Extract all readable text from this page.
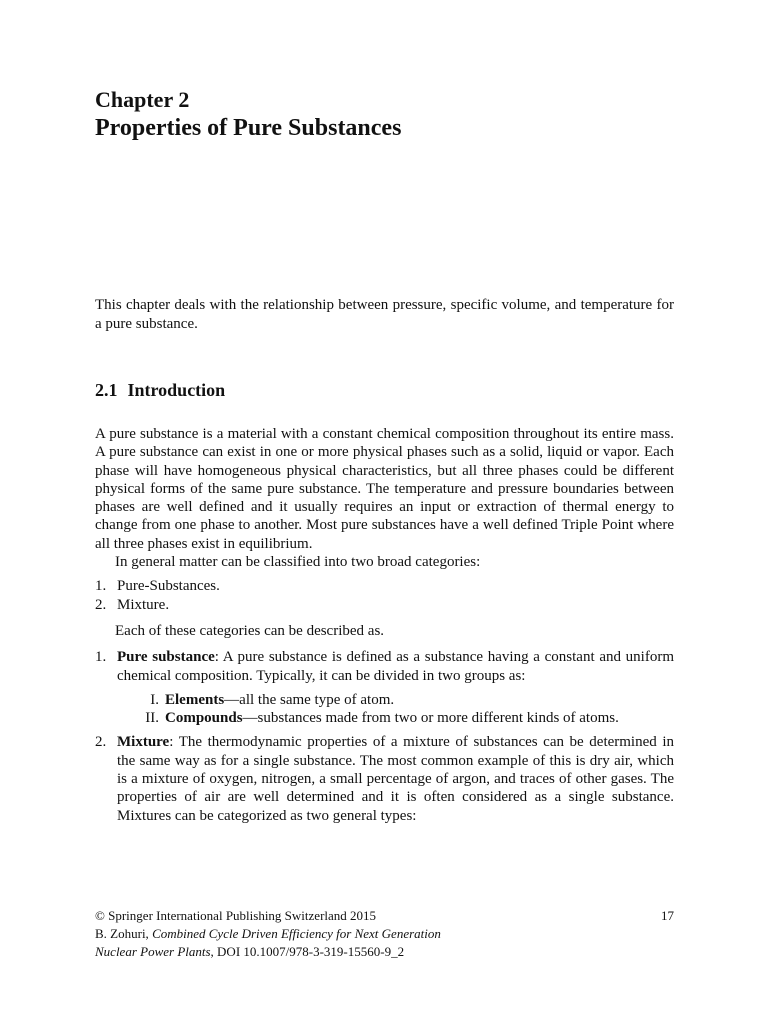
Chapter 2
Properties of Pure Substances

This chapter deals with the relationship between pressure, specific volume, and temperature for a pure substance.

2.1 Introduction

A pure substance is a material with a constant chemical composition throughout its entire mass. A pure substance can exist in one or more physical phases such as a solid, liquid or vapor. Each phase will have homogeneous physical characteristics, but all three phases could be different physical forms of the same pure substance. The temperature and pressure boundaries between phases are well defined and it usually requires an input or extraction of thermal energy to change from one phase to another. Most pure substances have a well defined Triple Point where all three phases exist in equilibrium.

In general matter can be classified into two broad categories:

1. Pure-Substances.
2. Mixture.

Each of these categories can be described as.

1. Pure substance: A pure substance is defined as a substance having a constant and uniform chemical composition. Typically, it can be divided in two groups as:
I. Elements—all the same type of atom.
II. Compounds—substances made from two or more different kinds of atoms.
2. Mixture: The thermodynamic properties of a mixture of substances can be determined in the same way as for a single substance. The most common example of this is dry air, which is a mixture of oxygen, nitrogen, a small percentage of argon, and traces of other gases. The properties of air are well determined and it is often considered as a single substance. Mixtures can be categorized as two general types:
17
© Springer International Publishing Switzerland 2015
B. Zohuri, Combined Cycle Driven Efficiency for Next Generation
Nuclear Power Plants, DOI 10.1007/978-3-319-15560-9_2
